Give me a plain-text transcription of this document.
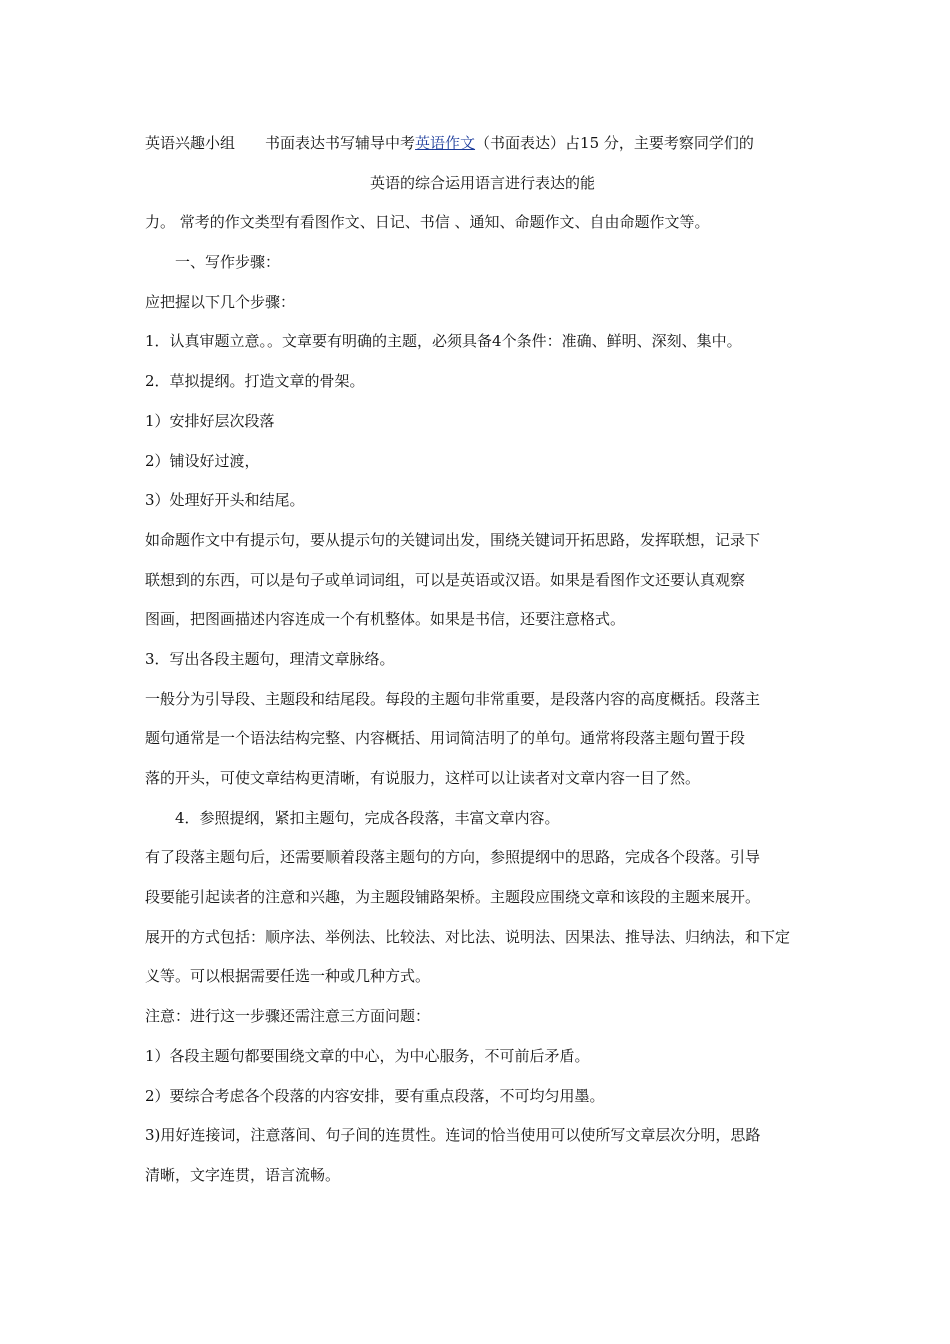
英语兴趣小组 书面表达书写辅导中考英语作文（书面表达）占15 分，主要考察同学们的
英语的综合运用语言进行表达的能
力。 常考的作文类型有看图作文、日记、书信 、通知、命题作文、自由命题作文等。
一、写作步骤：
应把握以下几个步骤：
1．认真审题立意。。文章要有明确的主题，必须具备4个条件：准确、鲜明、深刻、集中。
2．草拟提纲。打造文章的骨架。
1）安排好层次段落
2）铺设好过渡，
3）处理好开头和结尾。
如命题作文中有提示句，要从提示句的关键词出发，围绕关键词开拓思路，发挥联想，记录下
联想到的东西，可以是句子或单词词组，可以是英语或汉语。如果是看图作文还要认真观察
图画，把图画描述内容连成一个有机整体。如果是书信，还要注意格式。
3．写出各段主题句，理清文章脉络。
一般分为引导段、主题段和结尾段。每段的主题句非常重要，是段落内容的高度概括。段落主
题句通常是一个语法结构完整、内容概括、用词简洁明了的单句。通常将段落主题句置于段
落的开头，可使文章结构更清晰，有说服力，这样可以让读者对文章内容一目了然。
4．参照提纲，紧扣主题句，完成各段落，丰富文章内容。
有了段落主题句后，还需要顺着段落主题句的方向，参照提纲中的思路，完成各个段落。引导
段要能引起读者的注意和兴趣，为主题段铺路架桥。主题段应围绕文章和该段的主题来展开。
展开的方式包括：顺序法、举例法、比较法、对比法、说明法、因果法、推导法、归纳法，和下定
义等。可以根据需要任选一种或几种方式。
注意：进行这一步骤还需注意三方面问题：
1）各段主题句都要围绕文章的中心，为中心服务，不可前后矛盾。
2）要综合考虑各个段落的内容安排，要有重点段落，不可均匀用墨。
3)用好连接词，注意落间、句子间的连贯性。连词的恰当使用可以使所写文章层次分明，思路
清晰，文字连贯，语言流畅。
